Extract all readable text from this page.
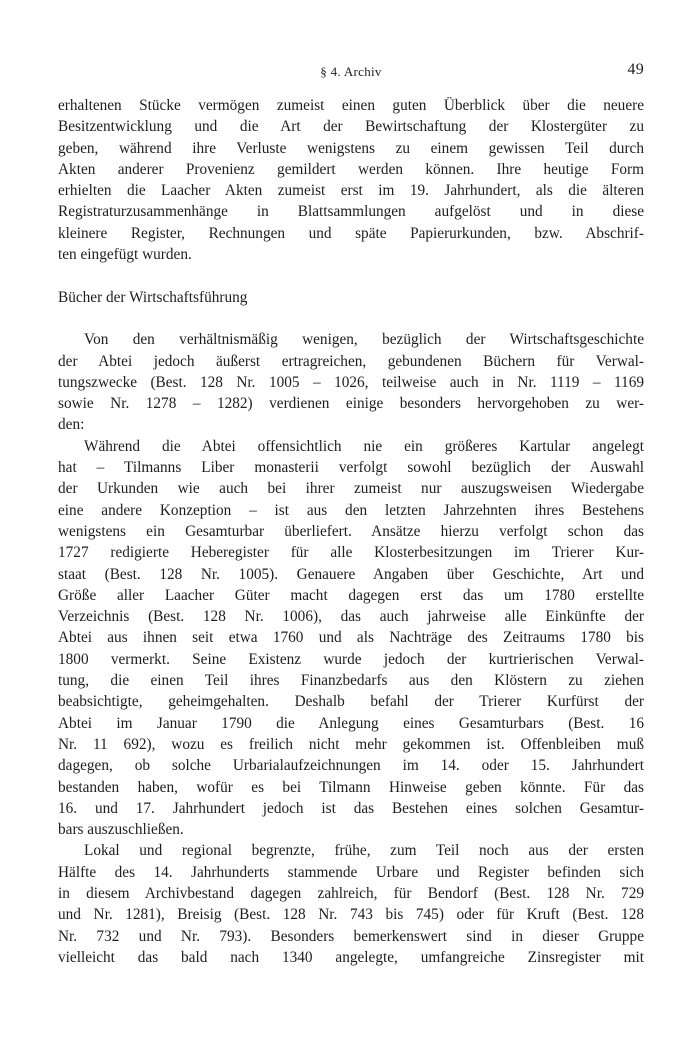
§ 4. Archiv	49
erhaltenen Stücke vermögen zumeist einen guten Überblick über die neuere
Besitzentwicklung und die Art der Bewirtschaftung der Klostergüter zu
geben, während ihre Verluste wenigstens zu einem gewissen Teil durch
Akten anderer Provenienz gemildert werden können. Ihre heutige Form
erhielten die Laacher Akten zumeist erst im 19. Jahrhundert, als die älteren
Registraturzusammenhänge in Blattsammlungen aufgelöst und in diese
kleinere Register, Rechnungen und späte Papierurkunden, bzw. Abschrif-
ten eingefügt wurden.
Bücher der Wirtschaftsführung
Von den verhältnismäßig wenigen, bezüglich der Wirtschaftsgeschichte
der Abtei jedoch äußerst ertragreichen, gebundenen Büchern für Verwal-
tungszwecke (Best. 128 Nr. 1005 – 1026, teilweise auch in Nr. 1119 – 1169
sowie Nr. 1278 – 1282) verdienen einige besonders hervorgehoben zu wer-
den:
Während die Abtei offensichtlich nie ein größeres Kartular angelegt
hat – Tilmanns Liber monasterii verfolgt sowohl bezüglich der Auswahl
der Urkunden wie auch bei ihrer zumeist nur auszugsweisen Wiedergabe
eine andere Konzeption – ist aus den letzten Jahrzehnten ihres Bestehens
wenigstens ein Gesamturbar überliefert. Ansätze hierzu verfolgt schon das
1727 redigierte Heberegister für alle Klosterbesitzungen im Trierer Kur-
staat (Best. 128 Nr. 1005). Genauere Angaben über Geschichte, Art und
Größe aller Laacher Güter macht dagegen erst das um 1780 erstellte
Verzeichnis (Best. 128 Nr. 1006), das auch jahrweise alle Einkünfte der
Abtei aus ihnen seit etwa 1760 und als Nachträge des Zeitraums 1780 bis
1800 vermerkt. Seine Existenz wurde jedoch der kurtrierischen Verwal-
tung, die einen Teil ihres Finanzbedarfs aus den Klöstern zu ziehen
beabsichtigte, geheimgehalten. Deshalb befahl der Trierer Kurfürst der
Abtei im Januar 1790 die Anlegung eines Gesamturbars (Best. 16
Nr. 11 692), wozu es freilich nicht mehr gekommen ist. Offenbleiben muß
dagegen, ob solche Urbarialaufzeichnungen im 14. oder 15. Jahrhundert
bestanden haben, wofür es bei Tilmann Hinweise geben könnte. Für das
16. und 17. Jahrhundert jedoch ist das Bestehen eines solchen Gesamtur-
bars auszuschließen.
Lokal und regional begrenzte, frühe, zum Teil noch aus der ersten
Hälfte des 14. Jahrhunderts stammende Urbare und Register befinden sich
in diesem Archivbestand dagegen zahlreich, für Bendorf (Best. 128 Nr. 729
und Nr. 1281), Breisig (Best. 128 Nr. 743 bis 745) oder für Kruft (Best. 128
Nr. 732 und Nr. 793). Besonders bemerkenswert sind in dieser Gruppe
vielleicht das bald nach 1340 angelegte, umfangreiche Zinsregister mit
